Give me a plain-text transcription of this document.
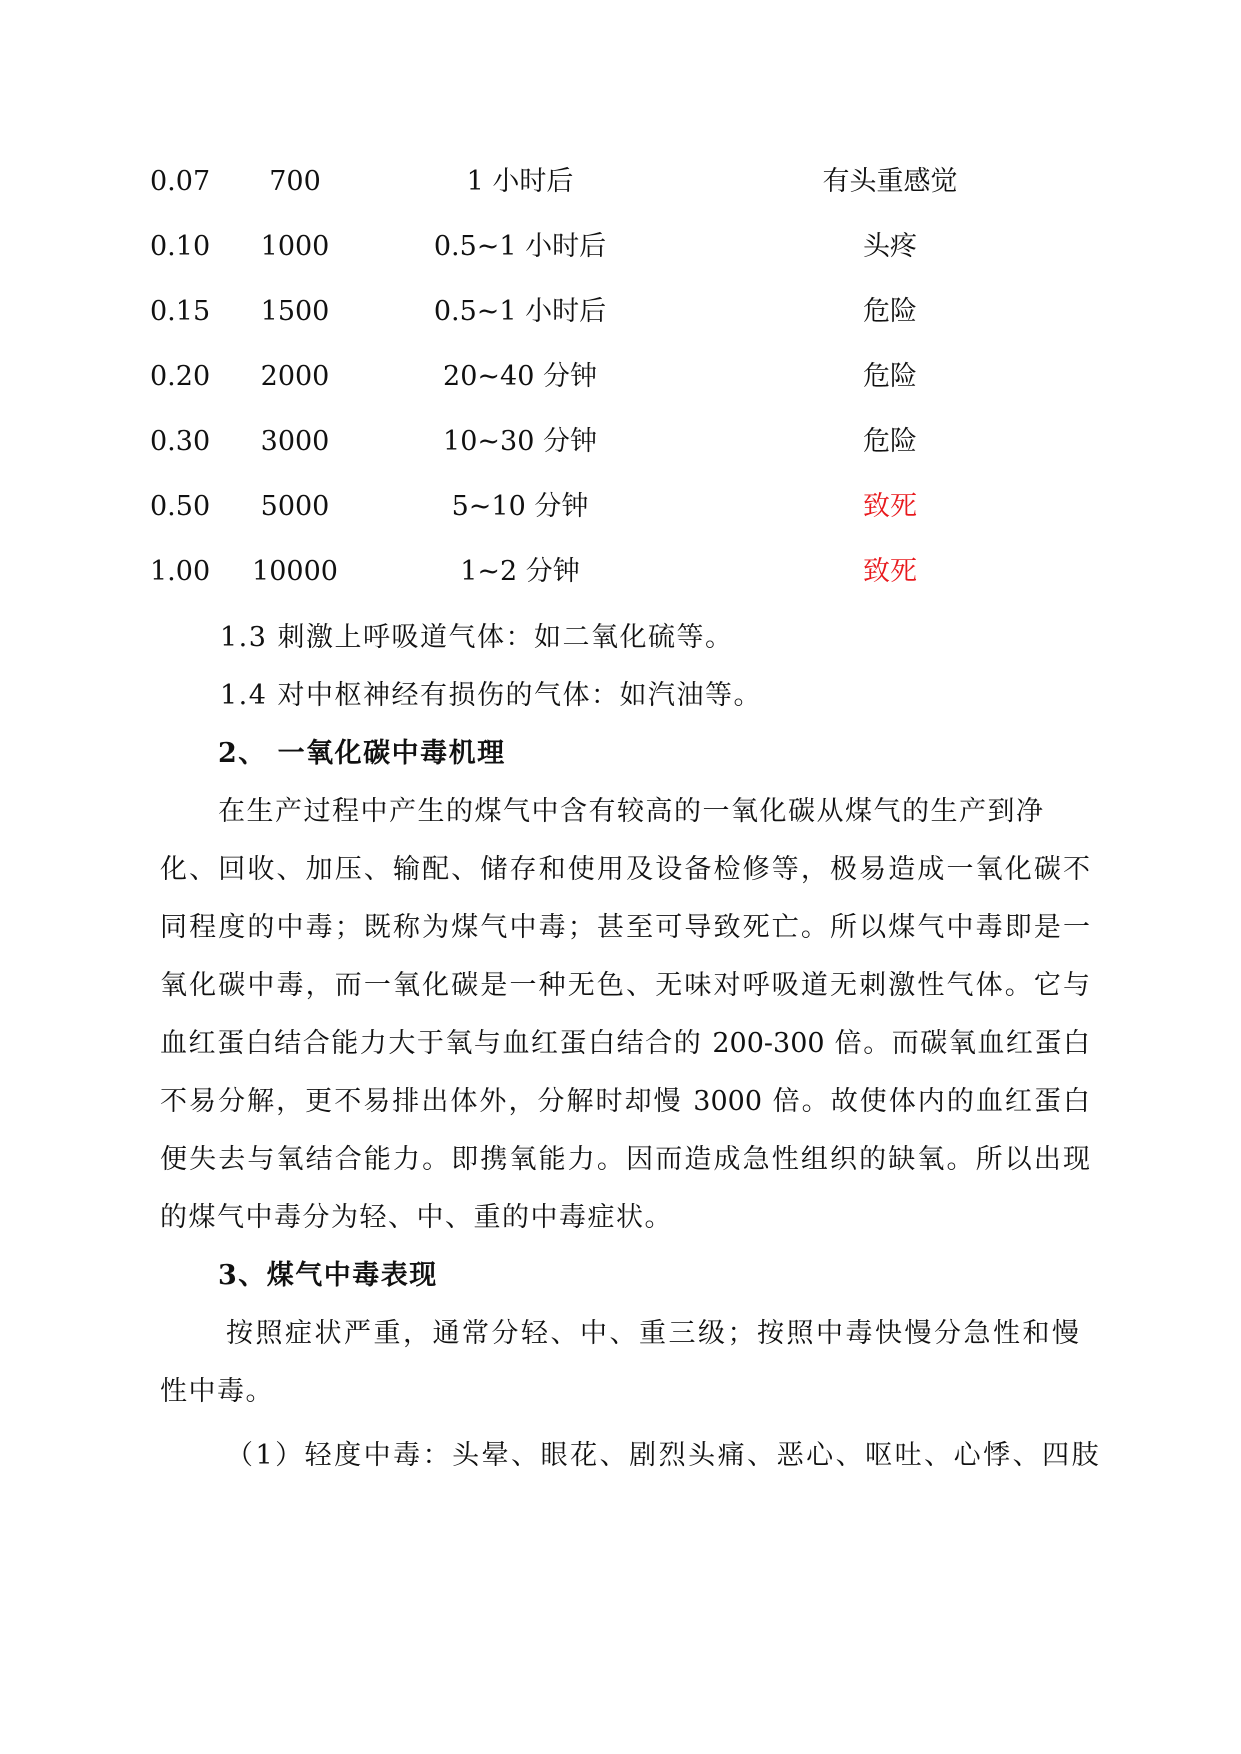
0.07	700	1 小时后	有头重感觉
0.10	1000	0.5~1 小时后	头疼
0.15	1500	0.5~1 小时后	危险
0.20	2000	20~40 分钟	危险
0.30	3000	10~30 分钟	危险
0.50	5000	5~10 分钟	致死
1.00	10000	1~2 分钟	致死
1.3 刺激上呼吸道气体：如二氧化硫等。
1.4 对中枢神经有损伤的气体：如汽油等。
2、 一氧化碳中毒机理
在生产过程中产生的煤气中含有较高的一氧化碳从煤气的生产到净
化、回收、加压、输配、储存和使用及设备检修等，极易造成一氧化碳不
同程度的中毒；既称为煤气中毒；甚至可导致死亡。所以煤气中毒即是一
氧化碳中毒，而一氧化碳是一种无色、无味对呼吸道无刺激性气体。它与
血红蛋白结合能力大于氧与血红蛋白结合的 200-300 倍。而碳氧血红蛋白
不易分解，更不易排出体外，分解时却慢 3000 倍。故使体内的血红蛋白
便失去与氧结合能力。即携氧能力。因而造成急性组织的缺氧。所以出现
的煤气中毒分为轻、中、重的中毒症状。
3、煤气中毒表现
按照症状严重，通常分轻、中、重三级；按照中毒快慢分急性和慢
性中毒。
（1）轻度中毒：头晕、眼花、剧烈头痛、恶心、呕吐、心悸、四肢
